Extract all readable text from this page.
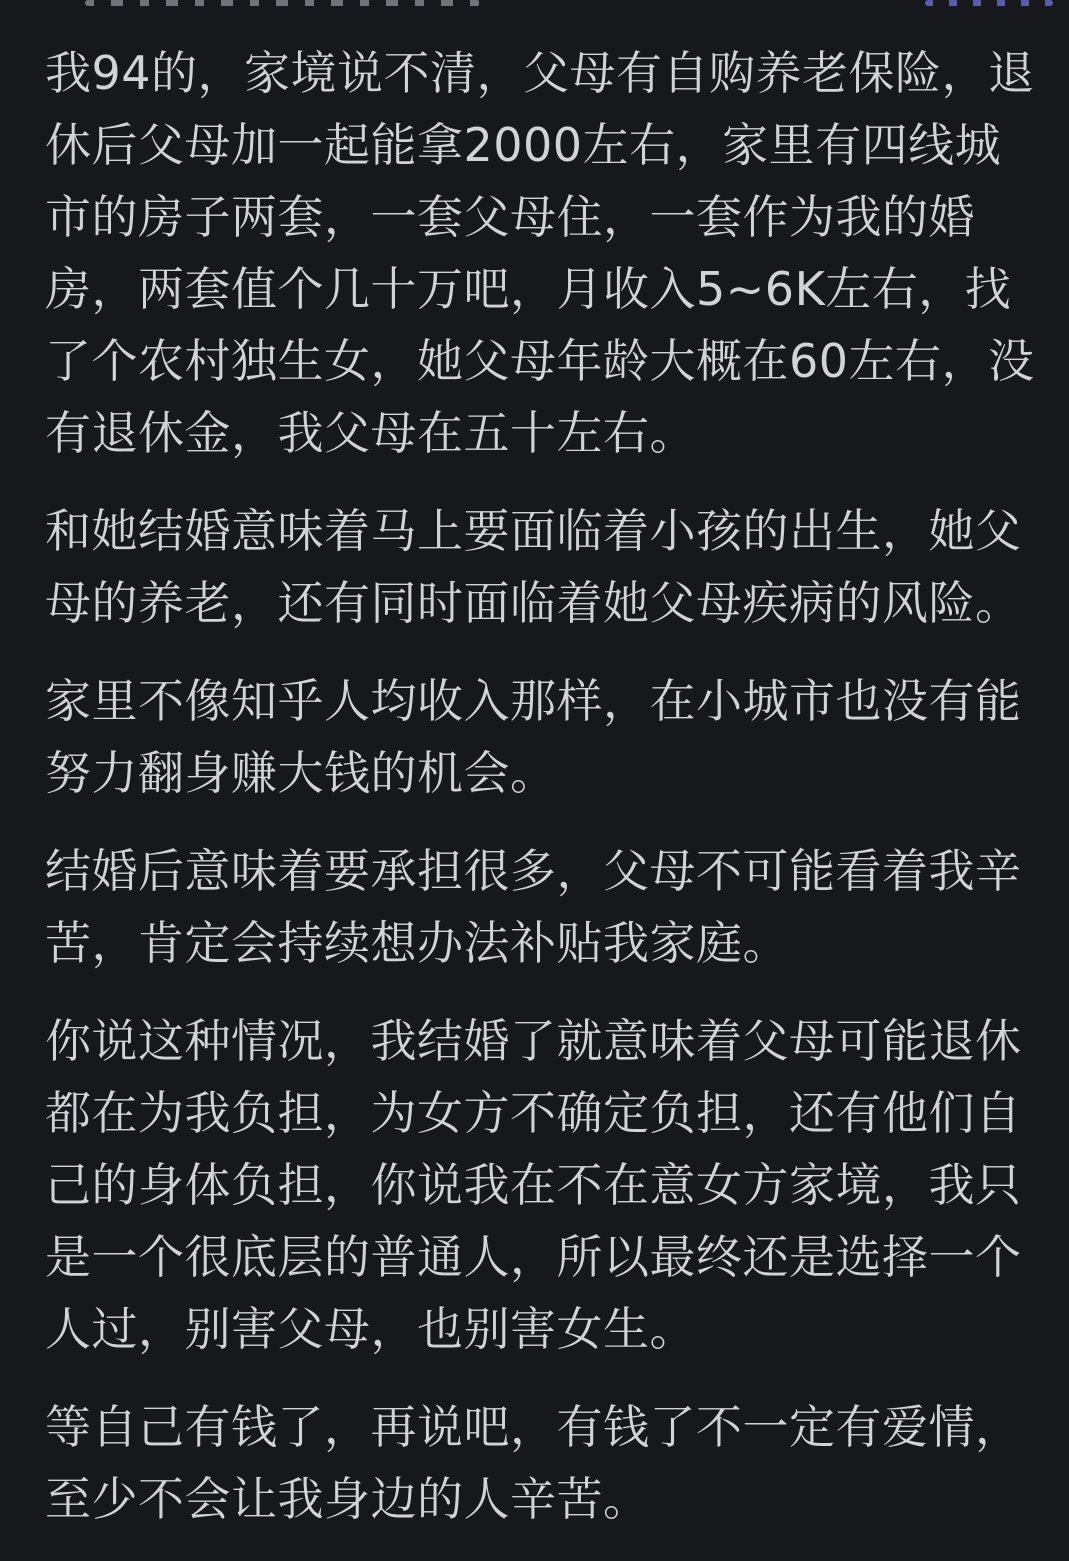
我94的，家境说不清，父母有自购养老保险，退休后父母加一起能拿2000左右，家里有四线城市的房子两套，一套父母住，一套作为我的婚房，两套值个几十万吧，月收入5~6K左右，找了个农村独生女，她父母年龄大概在60左右，没有退休金，我父母在五十左右。

和她结婚意味着马上要面临着小孩的出生，她父母的养老，还有同时面临着她父母疾病的风险。

家里不像知乎人均收入那样，在小城市也没有能努力翻身赚大钱的机会。

结婚后意味着要承担很多，父母不可能看着我辛苦，肯定会持续想办法补贴我家庭。

你说这种情况，我结婚了就意味着父母可能退休都在为我负担，为女方不确定负担，还有他们自己的身体负担，你说我在不在意女方家境，我只是一个很底层的普通人，所以最终还是选择一个人过，别害父母，也别害女生。

等自己有钱了，再说吧，有钱了不一定有爱情，至少不会让我身边的人辛苦。
